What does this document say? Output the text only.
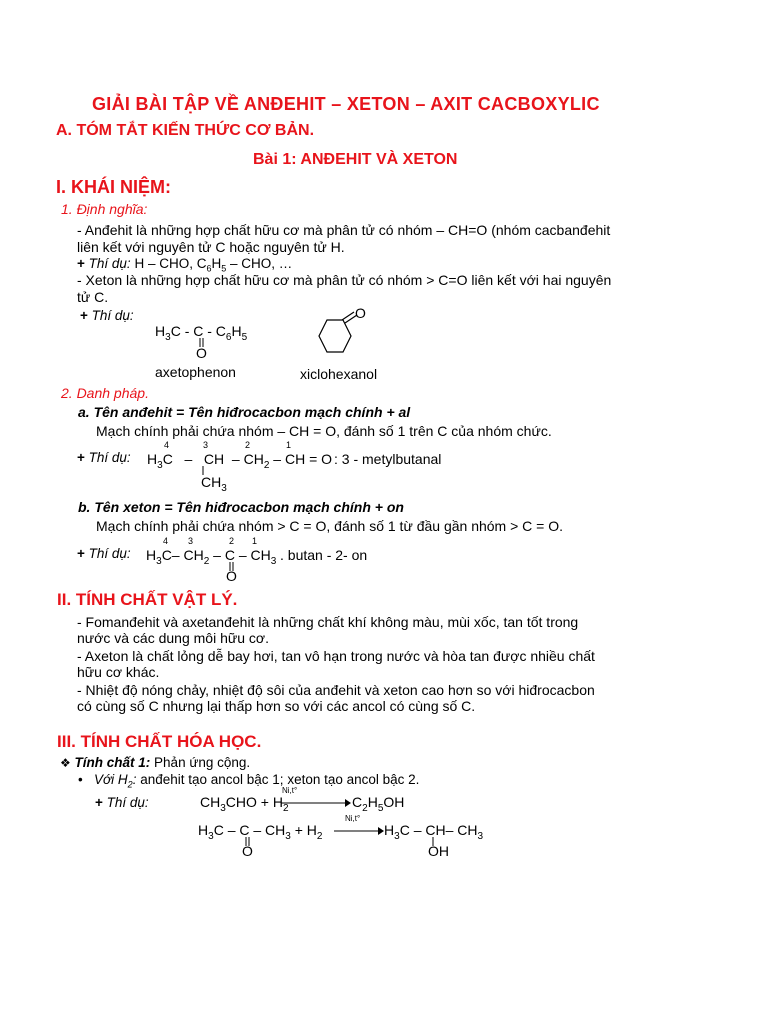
GIẢI BÀI TẬP VỀ ANĐEHIT – XETON – AXIT CACBOXYLIC
A. TÓM TẮT KIẾN THỨC CƠ BẢN.
Bài 1: ANĐEHIT VÀ XETON
I. KHÁI NIỆM:
1. Định nghĩa:
- Anđehit là những hợp chất hữu cơ mà phân tử có nhóm – CH=O (nhóm cacbanđehit
liên kết với nguyên tử C hoặc nguyên tử H.
+ Thí dụ: H – CHO, $C_6H_5$ – CHO, …
- Xeton là những hợp chất hữu cơ mà phân tử có nhóm > C=O liên kết với hai nguyên
tử C.
+ Thí dụ:
$H_3C$ - C - $C_6H_5$
O
axetophenon
O
xiclohexanol
2. Danh pháp.
a. Tên anđehit = Tên hiđrocacbon mạch chính + al
Mạch chính phải chứa nhóm – CH = O, đánh số 1 trên C của nhóm chức.
+ Thí dụ: $H_3C$   –   CH  – $CH_2$ – CH = O
4	3	2	1
$CH_3$
: 3 - metylbutanal
b. Tên xeton = Tên hiđrocacbon mạch chính + on
Mạch chính phải chứa nhóm > C = O, đánh số 1 từ đầu gần nhóm > C = O.
+ Thí dụ: $H_3C-$ $CH_2$ – C – $CH_3$
4 3	2 1
O
. butan - 2- on
II. TÍNH CHẤT VẬT LÝ.
- Fomanđehit và axetanđehit là những chất khí không màu, mùi xốc, tan tốt trong
nước và các dung môi hữu cơ.
- Axeton là chất lỏng dễ bay hơi, tan vô hạn trong nước và hòa tan được nhiều chất
hữu cơ khác.
- Nhiệt độ nóng chảy, nhiệt độ sôi của anđehit và xeton cao hơn so với hiđrocacbon
có cùng số C nhưng lại thấp hơn so với các ancol có cùng số C.
III. TÍNH CHẤT HÓA HỌC.
❖ Tính chất 1: Phản ứng cộng.
• Với $H_2$: anđehit tạo ancol bậc 1; xeton tạo ancol bậc 2.
+ Thí dụ:	$CH_3CHO + H_2$
Ni,t°
$C_2H_5OH$
$H_3C - C - CH_3 + H_2$
O
Ni,t°
→ $H_3C - CH-$ $CH_3$
OH
